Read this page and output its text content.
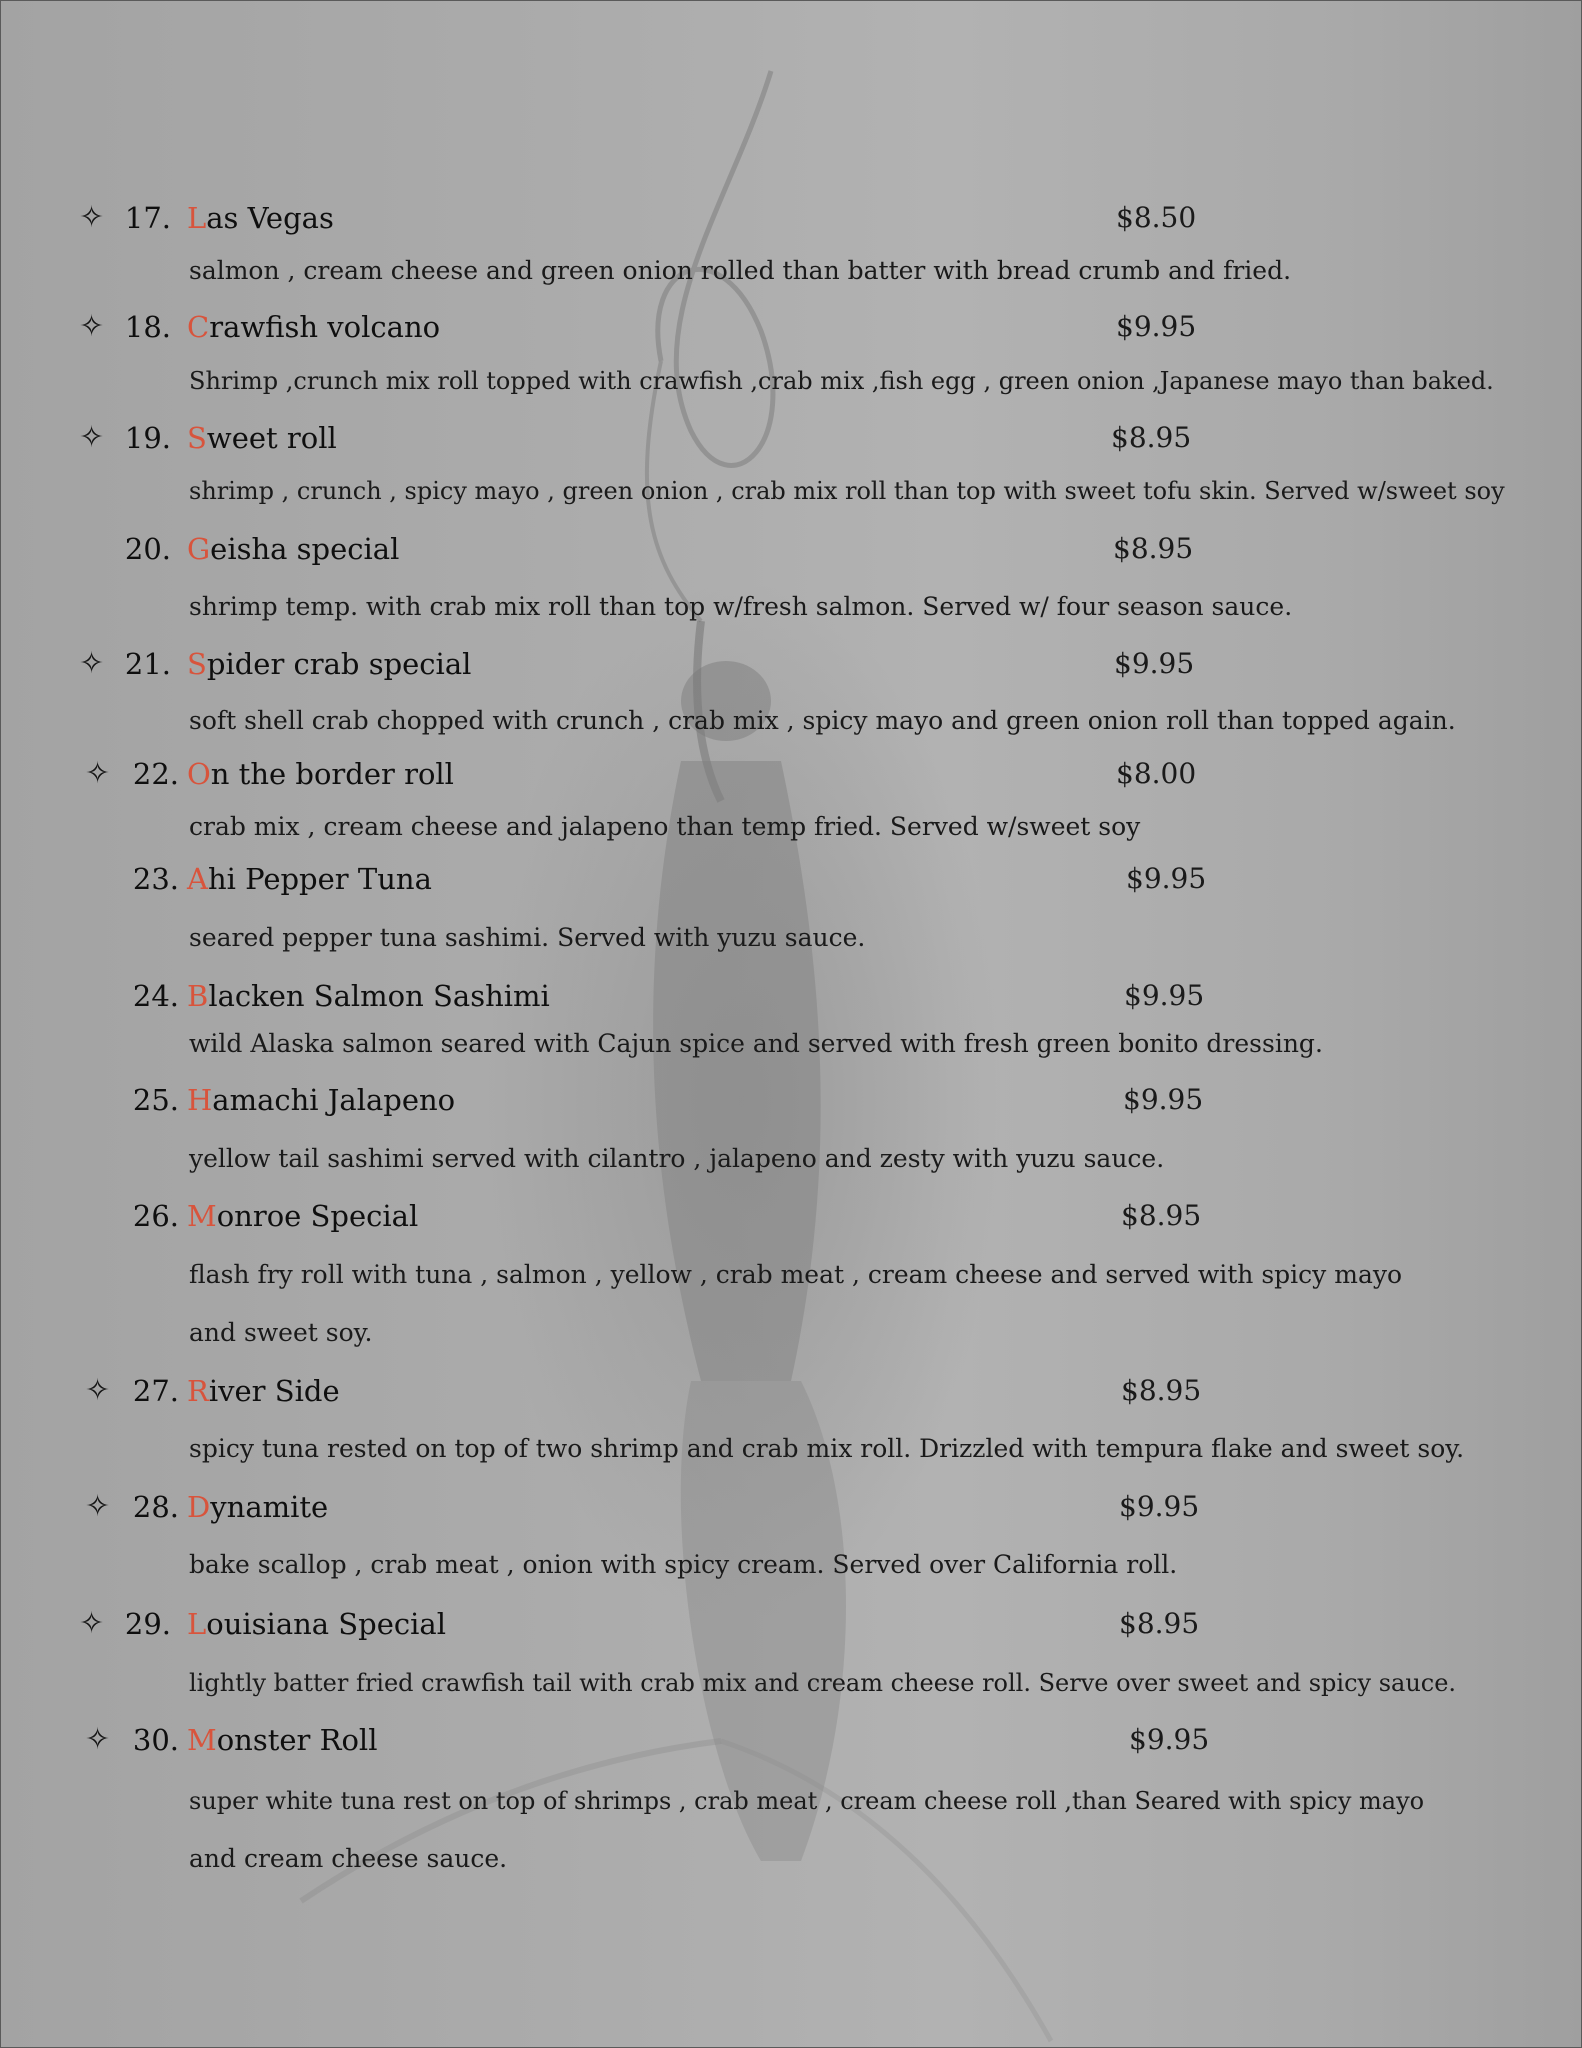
✧ 17. Las Vegas	$8.50
salmon , cream cheese and green onion rolled than batter with bread crumb and fried.
✧ 18. Crawfish volcano	$9.95
Shrimp ,crunch mix roll topped with crawfish ,crab mix ,fish egg , green onion ,Japanese mayo than baked.
✧ 19. Sweet roll	$8.95
shrimp , crunch , spicy mayo , green onion , crab mix roll than top with sweet tofu skin. Served w/sweet soy
20. Geisha special	$8.95
shrimp temp. with crab mix roll than top w/fresh salmon. Served w/ four season sauce.
✧ 21. Spider crab special	$9.95
soft shell crab chopped with crunch , crab mix , spicy mayo and green onion roll than topped again.
✧ 22. On the border roll	$8.00
crab mix , cream cheese and jalapeno than temp fried. Served w/sweet soy
23. Ahi Pepper Tuna	$9.95
seared pepper tuna sashimi. Served with yuzu sauce.
24. Blacken Salmon Sashimi	$9.95
wild Alaska salmon seared with Cajun spice and served with fresh green bonito dressing.
25. Hamachi Jalapeno	$9.95
yellow tail sashimi served with cilantro , jalapeno and zesty with yuzu sauce.
26. Monroe Special	$8.95
flash fry roll with tuna , salmon , yellow , crab meat , cream cheese and served with spicy mayo
and sweet soy.
✧ 27. River Side	$8.95
spicy tuna rested on top of two shrimp and crab mix roll. Drizzled with tempura flake and sweet soy.
✧ 28. Dynamite	$9.95
bake scallop , crab meat , onion with spicy cream. Served over California roll.
✧ 29. Louisiana Special	$8.95
lightly batter fried crawfish tail with crab mix and cream cheese roll. Serve over sweet and spicy sauce.
✧ 30. Monster Roll	$9.95
super white tuna rest on top of shrimps , crab meat , cream cheese roll ,than Seared with spicy mayo
and cream cheese sauce.
